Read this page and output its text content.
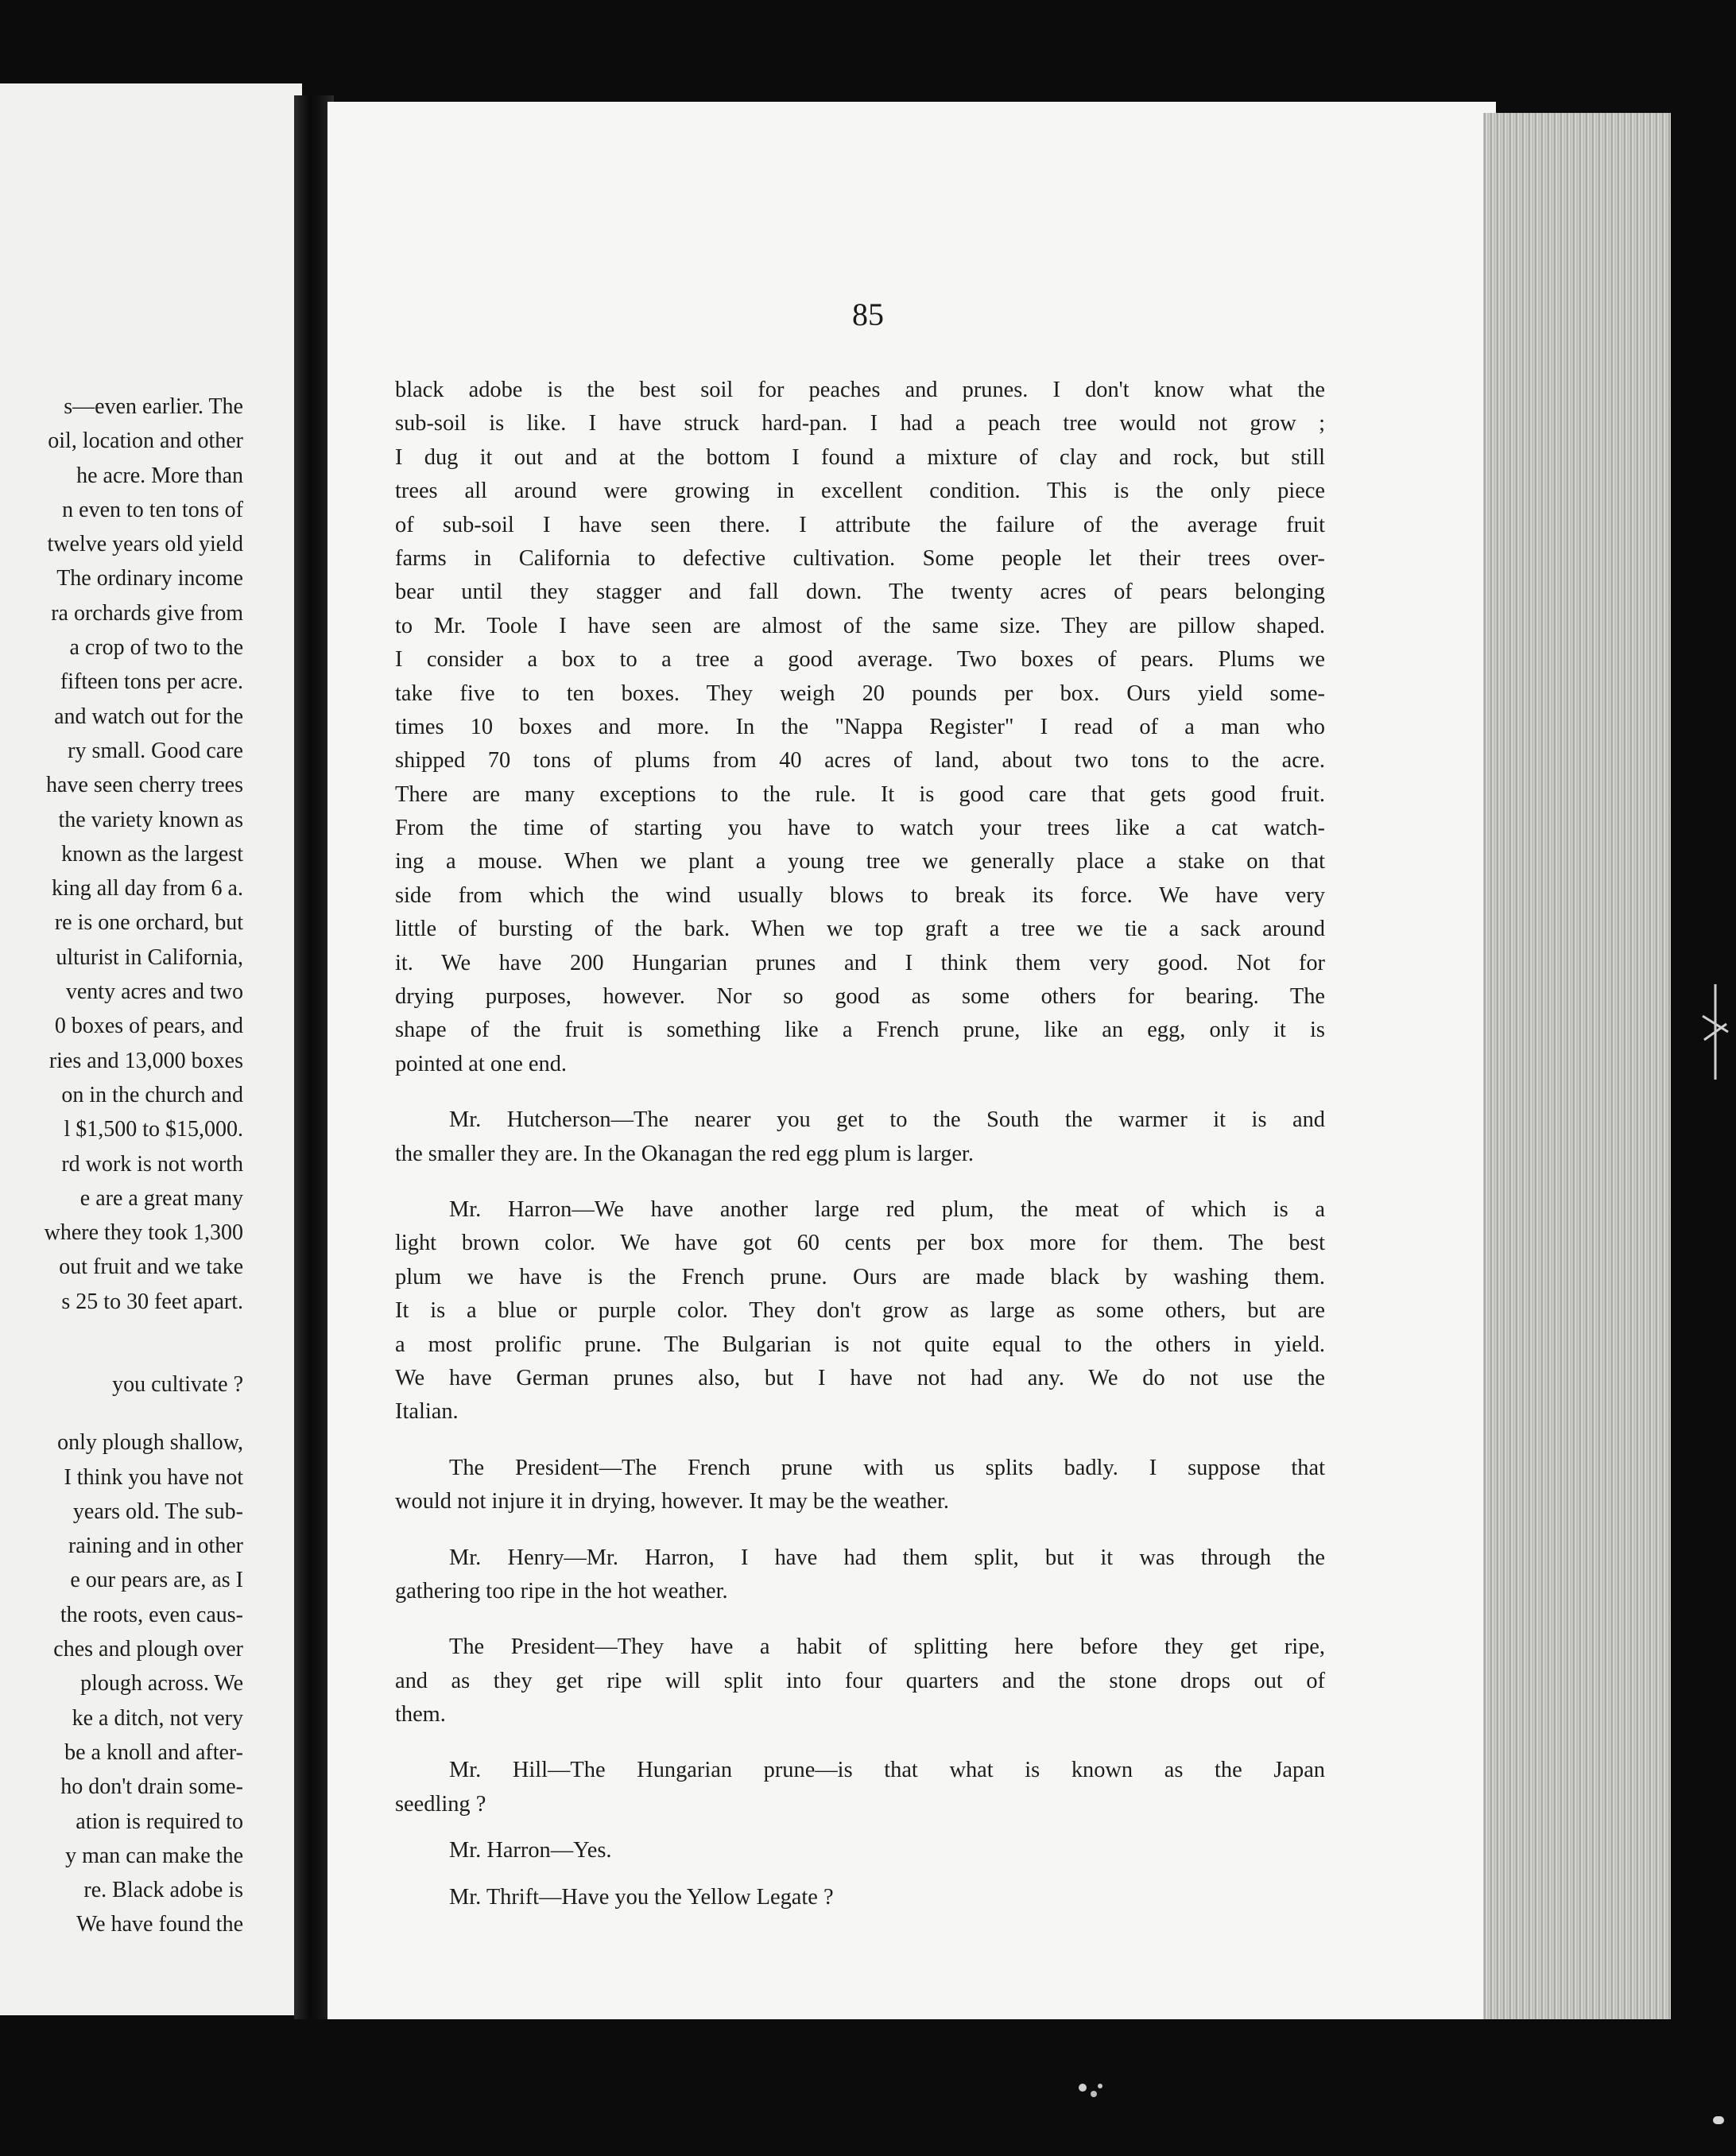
s—even earlier. The
oil, location and other
he acre. More than
n even to ten tons of
twelve years old yield
The ordinary income
ra orchards give from
a crop of two to the
fifteen tons per acre.
and watch out for the
ry small. Good care
have seen cherry trees
the variety known as
known as the largest
king all day from 6 a.
re is one orchard, but
ulturist in California,
venty acres and two
0 boxes of pears, and
ries and 13,000 boxes
on in the church and
l $1,500 to $15,000.
rd work is not worth
e are a great many
where they took 1,300
out fruit and we take
s 25 to 30 feet apart.
you cultivate ?
only plough shallow,
I think you have not
years old. The sub-
raining and in other
e our pears are, as I
the roots, even caus-
ches and plough over
plough across. We
ke a ditch, not very
be a knoll and after-
ho don't drain some-
ation is required to
y man can make the
re. Black adobe is
We have found the
85
black adobe is the best soil for peaches and prunes. I don't know what the
sub-soil is like. I have struck hard-pan. I had a peach tree would not grow ;
I dug it out and at the bottom I found a mixture of clay and rock, but still
trees all around were growing in excellent condition. This is the only piece
of sub-soil I have seen there. I attribute the failure of the average fruit
farms in California to defective cultivation. Some people let their trees over-
bear until they stagger and fall down. The twenty acres of pears belonging
to Mr. Toole I have seen are almost of the same size. They are pillow shaped.
I consider a box to a tree a good average. Two boxes of pears. Plums we
take five to ten boxes. They weigh 20 pounds per box. Ours yield some-
times 10 boxes and more. In the "Nappa Register" I read of a man who
shipped 70 tons of plums from 40 acres of land, about two tons to the acre.
There are many exceptions to the rule. It is good care that gets good fruit.
From the time of starting you have to watch your trees like a cat watch-
ing a mouse. When we plant a young tree we generally place a stake on that
side from which the wind usually blows to break its force. We have very
little of bursting of the bark. When we top graft a tree we tie a sack around
it. We have 200 Hungarian prunes and I think them very good. Not for
drying purposes, however. Nor so good as some others for bearing. The
shape of the fruit is something like a French prune, like an egg, only it is
pointed at one end.
Mr. Hutcherson—The nearer you get to the South the warmer it is and
the smaller they are. In the Okanagan the red egg plum is larger.
Mr. Harron—We have another large red plum, the meat of which is a
light brown color. We have got 60 cents per box more for them. The best
plum we have is the French prune. Ours are made black by washing them.
It is a blue or purple color. They don't grow as large as some others, but are
a most prolific prune. The Bulgarian is not quite equal to the others in yield.
We have German prunes also, but I have not had any. We do not use the
Italian.
The President—The French prune with us splits badly. I suppose that
would not injure it in drying, however. It may be the weather.
Mr. Henry—Mr. Harron, I have had them split, but it was through the
gathering too ripe in the hot weather.
The President—They have a habit of splitting here before they get ripe,
and as they get ripe will split into four quarters and the stone drops out of
them.
Mr. Hill—The Hungarian prune—is that what is known as the Japan
seedling ?
Mr. Harron—Yes.
Mr. Thrift—Have you the Yellow Legate ?
